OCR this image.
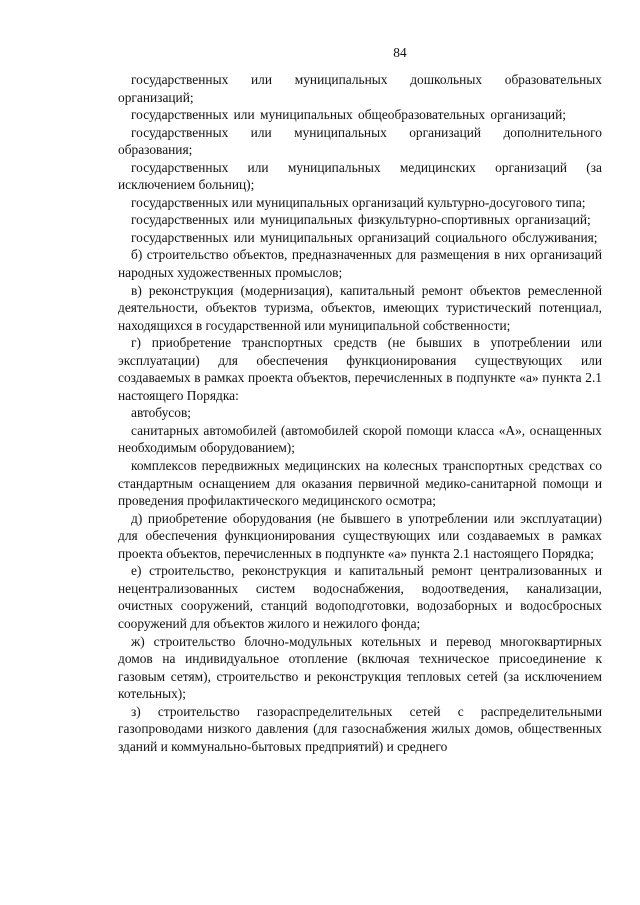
84

государственных или муниципальных дошкольных образовательных организаций;

государственных или муниципальных общеобразовательных организаций;

государственных или муниципальных организаций дополнительного образования;

государственных или муниципальных медицинских организаций (за исключением больниц);

государственных или муниципальных организаций культурно-досугового типа;

государственных или муниципальных физкультурно-спортивных организаций;

государственных или муниципальных организаций социального обслуживания;

б) строительство объектов, предназначенных для размещения в них организаций народных художественных промыслов;

в) реконструкция (модернизация), капитальный ремонт объектов ремесленной деятельности, объектов туризма, объектов, имеющих туристический потенциал, находящихся в государственной или муниципальной собственности;

г) приобретение транспортных средств (не бывших в употреблении или эксплуатации) для обеспечения функционирования существующих или создаваемых в рамках проекта объектов, перечисленных в подпункте «а» пункта 2.1 настоящего Порядка:

автобусов;

санитарных автомобилей (автомобилей скорой помощи класса «А», оснащенных необходимым оборудованием);

комплексов передвижных медицинских на колесных транспортных средствах со стандартным оснащением для оказания первичной медико-санитарной помощи и проведения профилактического медицинского осмотра;

д) приобретение оборудования (не бывшего в употреблении или эксплуатации) для обеспечения функционирования существующих или создаваемых в рамках проекта объектов, перечисленных в подпункте «а» пункта 2.1 настоящего Порядка;

е) строительство, реконструкция и капитальный ремонт централизованных и нецентрализованных систем водоснабжения, водоотведения, канализации, очистных сооружений, станций водоподготовки, водозаборных и водосбросных сооружений для объектов жилого и нежилого фонда;

ж) строительство блочно-модульных котельных и перевод многоквартирных домов на индивидуальное отопление (включая техническое присоединение к газовым сетям), строительство и реконструкция тепловых сетей (за исключением котельных);

з) строительство газораспределительных сетей с распределительными газопроводами низкого давления (для газоснабжения жилых домов, общественных зданий и коммунально-бытовых предприятий) и среднего
